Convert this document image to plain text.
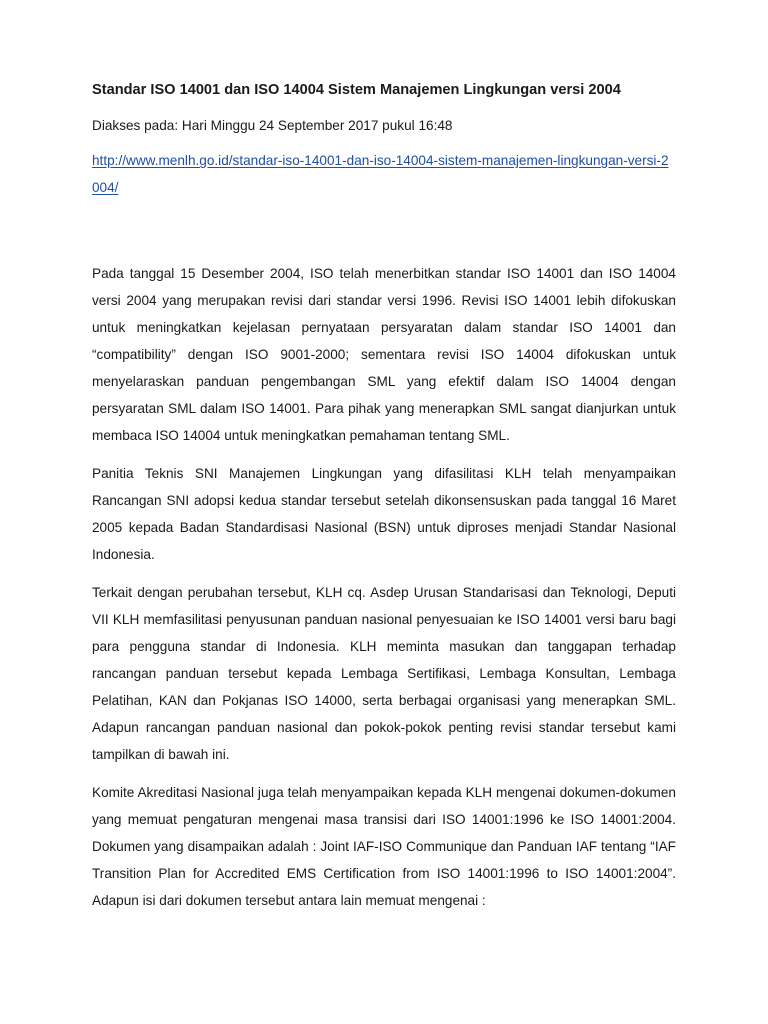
Standar ISO 14001 dan ISO 14004 Sistem Manajemen Lingkungan versi 2004
Diakses pada: Hari Minggu 24 September 2017 pukul 16:48
http://www.menlh.go.id/standar-iso-14001-dan-iso-14004-sistem-manajemen-lingkungan-versi-2004/

Pada tanggal 15 Desember 2004, ISO telah menerbitkan standar ISO 14001 dan ISO 14004 versi 2004 yang merupakan revisi dari standar versi 1996. Revisi ISO 14001 lebih difokuskan untuk meningkatkan kejelasan pernyataan persyaratan dalam standar ISO 14001 dan “compatibility” dengan ISO 9001-2000; sementara revisi ISO 14004 difokuskan untuk menyelaraskan panduan pengembangan SML yang efektif dalam ISO 14004 dengan persyaratan SML dalam ISO 14001. Para pihak yang menerapkan SML sangat dianjurkan untuk membaca ISO 14004 untuk meningkatkan pemahaman tentang SML.

Panitia Teknis SNI Manajemen Lingkungan yang difasilitasi KLH telah menyampaikan Rancangan SNI adopsi kedua standar tersebut setelah dikonsensuskan pada tanggal 16 Maret 2005 kepada Badan Standardisasi Nasional (BSN) untuk diproses menjadi Standar Nasional Indonesia.

Terkait dengan perubahan tersebut, KLH cq. Asdep Urusan Standarisasi dan Teknologi, Deputi VII KLH memfasilitasi penyusunan panduan nasional penyesuaian ke ISO 14001 versi baru bagi para pengguna standar di Indonesia. KLH meminta masukan dan tanggapan terhadap rancangan panduan tersebut kepada Lembaga Sertifikasi, Lembaga Konsultan, Lembaga Pelatihan, KAN dan Pokjanas ISO 14000, serta berbagai organisasi yang menerapkan SML. Adapun rancangan panduan nasional dan pokok-pokok penting revisi standar tersebut kami tampilkan di bawah ini.

Komite Akreditasi Nasional juga telah menyampaikan kepada KLH mengenai dokumen-dokumen yang memuat pengaturan mengenai masa transisi dari ISO 14001:1996 ke ISO 14001:2004. Dokumen yang disampaikan adalah : Joint IAF-ISO Communique dan Panduan IAF tentang “IAF Transition Plan for Accredited EMS Certification from ISO 14001:1996 to ISO 14001:2004”. Adapun isi dari dokumen tersebut antara lain memuat mengenai :
